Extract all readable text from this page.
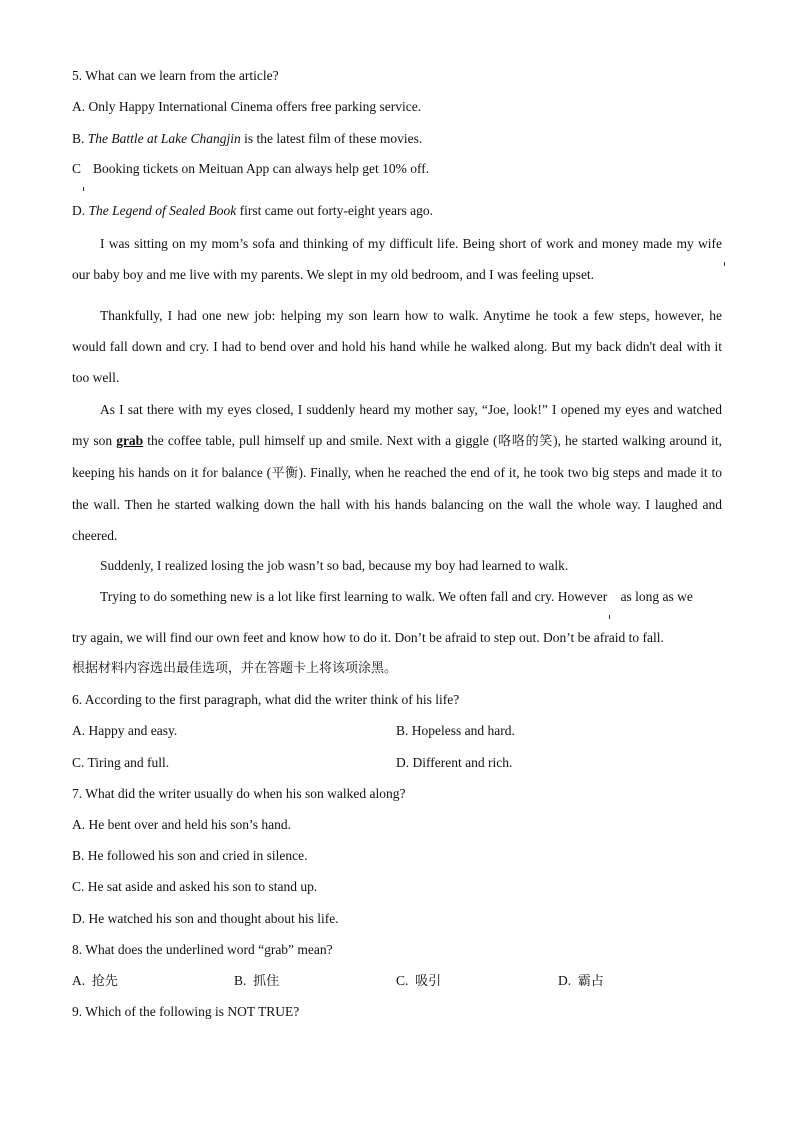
5. What can we learn from the article?
A. Only Happy International Cinema offers free parking service.
B. The Battle at Lake Changjin is the latest film of these movies.
C Booking tickets on Meituan App can always help get 10% off.
D. The Legend of Sealed Book first came out forty-eight years ago.
I was sitting on my mom’s sofa and thinking of my difficult life. Being short of work and money made my wife our baby boy and me live with my parents. We slept in my old bedroom, and I was feeling upset.
Thankfully, I had one new job: helping my son learn how to walk. Anytime he took a few steps, however, he would fall down and cry. I had to bend over and hold his hand while he walked along. But my back didn't deal with it too well.
As I sat there with my eyes closed, I suddenly heard my mother say, “Joe, look!” I opened my eyes and watched my son grab the coffee table, pull himself up and smile. Next with a giggle (咯咯的笑), he started walking around it, keeping his hands on it for balance (平衡). Finally, when he reached the end of it, he took two big steps and made it to the wall. Then he started walking down the hall with his hands balancing on the wall the whole way. I laughed and cheered.
Suddenly, I realized losing the job wasn’t so bad, because my boy had learned to walk.
Trying to do something new is a lot like first learning to walk. We often fall and cry. However as long as we
try again, we will find our own feet and know how to do it. Don’t be afraid to step out. Don’t be afraid to fall.
根据材料内容选出最佳选项，并在答题卡上将该项涂黑。
6. According to the first paragraph, what did the writer think of his life?
A. Happy and easy.	B. Hopeless and hard.
C. Tiring and full.	D. Different and rich.
7. What did the writer usually do when his son walked along?
A. He bent over and held his son’s hand.
B. He followed his son and cried in silence.
C. He sat aside and asked his son to stand up.
D. He watched his son and thought about his life.
8. What does the underlined word “grab” mean?
A. 抢先	B. 抓住	C. 吸引	D. 霸占
9. Which of the following is NOT TRUE?
